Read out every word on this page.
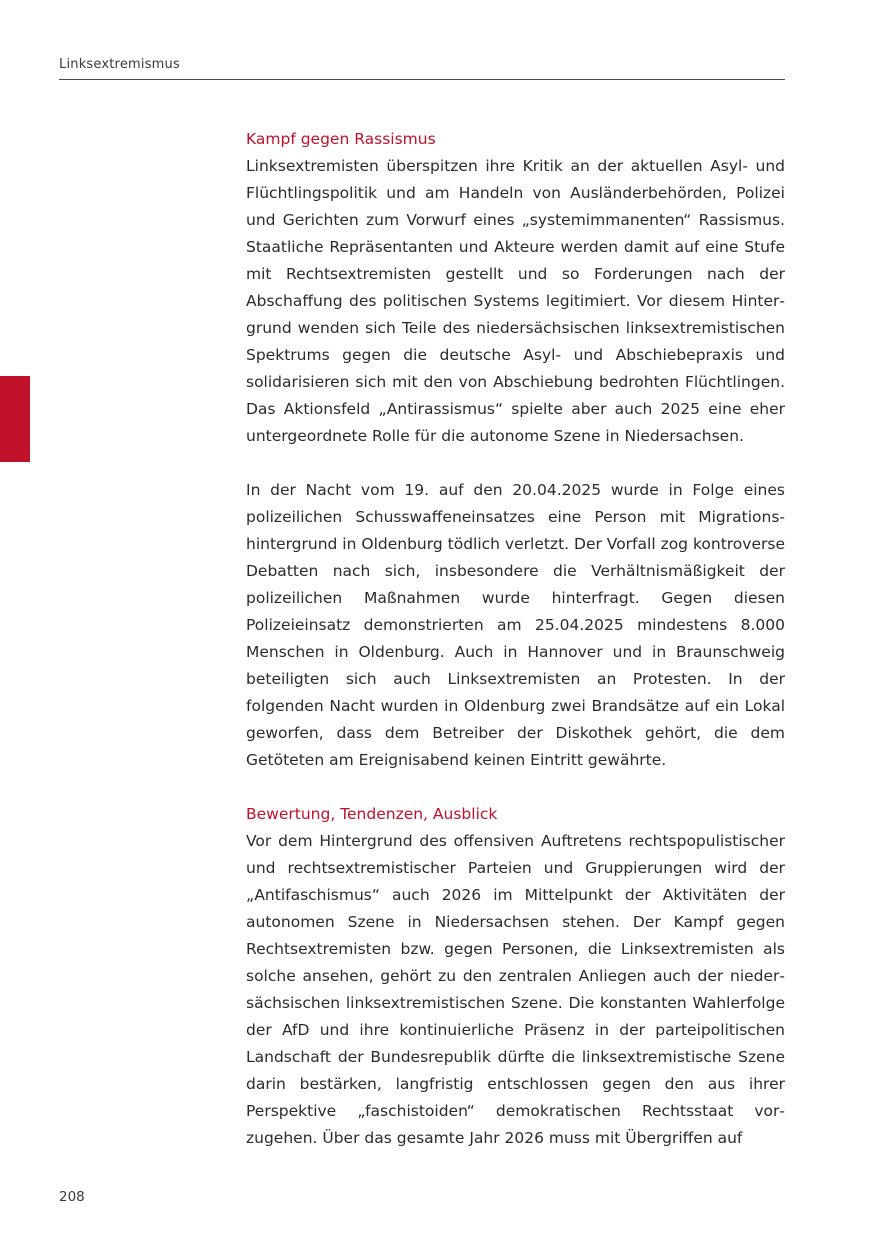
Linksextremismus
Kampf gegen Rassismus

Linksextremisten überspitzen ihre Kritik an der aktuellen Asyl- und Flüchtlingspolitik und am Handeln von Ausländerbehörden, Polizei und Gerichten zum Vorwurf eines „systemimmanenten“ Rassismus. Staatliche Repräsentanten und Akteure werden damit auf eine Stufe mit Rechtsextremisten gestellt und so Forderungen nach der Abschaffung des politischen Systems legitimiert. Vor diesem Hintergrund wenden sich Teile des niedersächsischen linksextremistischen Spektrums gegen die deutsche Asyl- und Abschiebepraxis und solidarisieren sich mit den von Abschiebung bedrohten Flüchtlingen. Das Aktionsfeld „Antirassismus“ spielte aber auch 2025 eine eher untergeordnete Rolle für die autonome Szene in Niedersachsen.

In der Nacht vom 19. auf den 20.04.2025 wurde in Folge eines polizeilichen Schusswaffeneinsatzes eine Person mit Migrationshintergrund in Oldenburg tödlich verletzt. Der Vorfall zog kontroverse Debatten nach sich, insbesondere die Verhältnismäßigkeit der polizeilichen Maßnahmen wurde hinterfragt. Gegen diesen Polizeieinsatz demonstrierten am 25.04.2025 mindestens 8.000 Menschen in Oldenburg. Auch in Hannover und in Braunschweig beteiligten sich auch Linksextremisten an Protesten. In der folgenden Nacht wurden in Oldenburg zwei Brandsätze auf ein Lokal geworfen, dass dem Betreiber der Diskothek gehört, die dem Getöteten am Ereignisabend keinen Eintritt gewährte.

Bewertung, Tendenzen, Ausblick

Vor dem Hintergrund des offensiven Auftretens rechtspopulistischer und rechtsextremistischer Parteien und Gruppierungen wird der „Antifaschismus“ auch 2026 im Mittelpunkt der Aktivitäten der autonomen Szene in Niedersachsen stehen. Der Kampf gegen Rechtsextremisten bzw. gegen Personen, die Linksextremisten als solche ansehen, gehört zu den zentralen Anliegen auch der niedersächsischen linksextremistischen Szene. Die konstanten Wahlerfolge der AfD und ihre kontinuierliche Präsenz in der parteipolitischen Landschaft der Bundesrepublik dürfte die linksextremistische Szene darin bestärken, langfristig entschlossen gegen den aus ihrer Perspektive „faschistoiden“ demokratischen Rechtsstaat vorzugehen. Über das gesamte Jahr 2026 muss mit Übergriffen auf

208
